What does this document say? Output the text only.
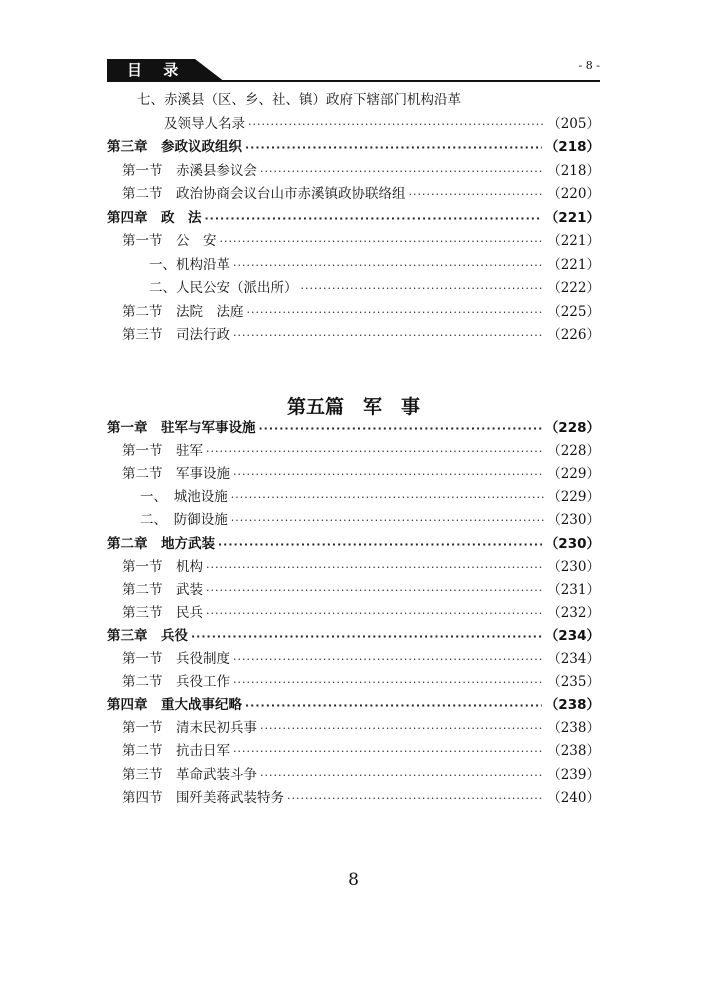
目 录	- 8 -
七、赤溪县（区、乡、社、镇）政府下辖部门机构沿革
及领导人名录 ·····	（205）
第三章　参政议政组织 ·····	（218）
第一节　赤溪县参议会 ·····	（218）
第二节　政治协商会议台山市赤溪镇政协联络组 ·····	（220）
第四章　政　法 ·····	（221）
第一节　公　安 ·····	（221）
一、机构沿革 ·····	（221）
二、人民公安（派出所） ·····	（222）
第二节　法院　法庭 ·····	（225）
第三节　司法行政 ·····	（226）
第一章　驻军与军事设施 ·····	（228）
第一节　驻军 ·····	（228）
第二节　军事设施 ·····	（229）
一、　城池设施 ·····	（229）
二、　防御设施 ·····	（230）
第二章　地方武装 ·····	（230）
第一节　机构 ·····	（230）
第二节　武装 ·····	（231）
第三节　民兵 ·····	（232）
第三章　兵役 ·····	（234）
第一节　兵役制度 ·····	（234）
第二节　兵役工作 ·····	（235）
第四章　重大战事纪略 ·····	（238）
第一节　清末民初兵事 ·····	（238）
第二节　抗击日军 ·····	（238）
第三节　革命武装斗争 ·····	（239）
第四节　围歼美蒋武装特务 ·····	（240）
第五篇　军　事
8
